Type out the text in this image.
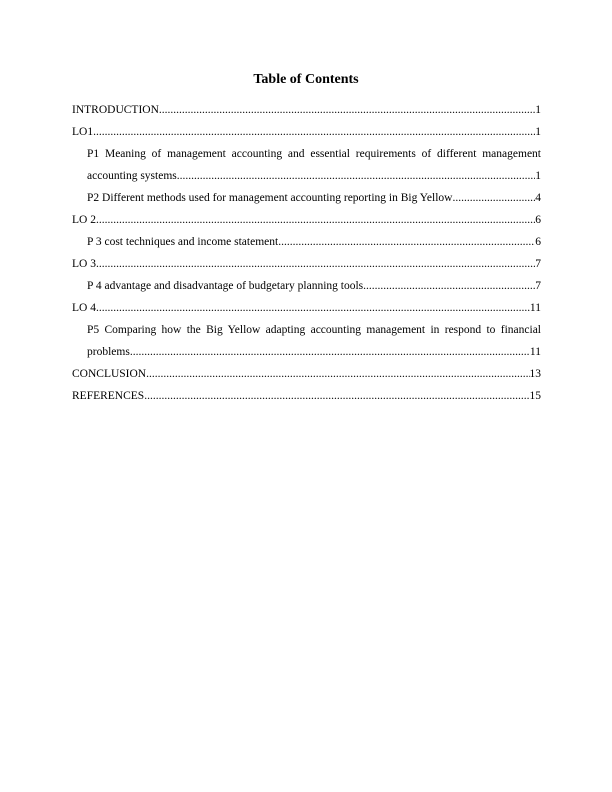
Table of Contents
INTRODUCTION .....	1
LO1 .....	1
P1 Meaning of management accounting and essential requirements of different management
accounting systems .....	1
P2 Different methods used for management accounting reporting in Big Yellow .....	4
LO 2 .....	6
P 3 cost techniques and income statement .....	6
LO 3 .....	7
P 4 advantage and disadvantage of budgetary planning tools .....	7
LO 4 .....	11
P5 Comparing how the Big Yellow adapting accounting management in respond to financial
problems .....	11
CONCLUSION .....	13
REFERENCES .....	15
